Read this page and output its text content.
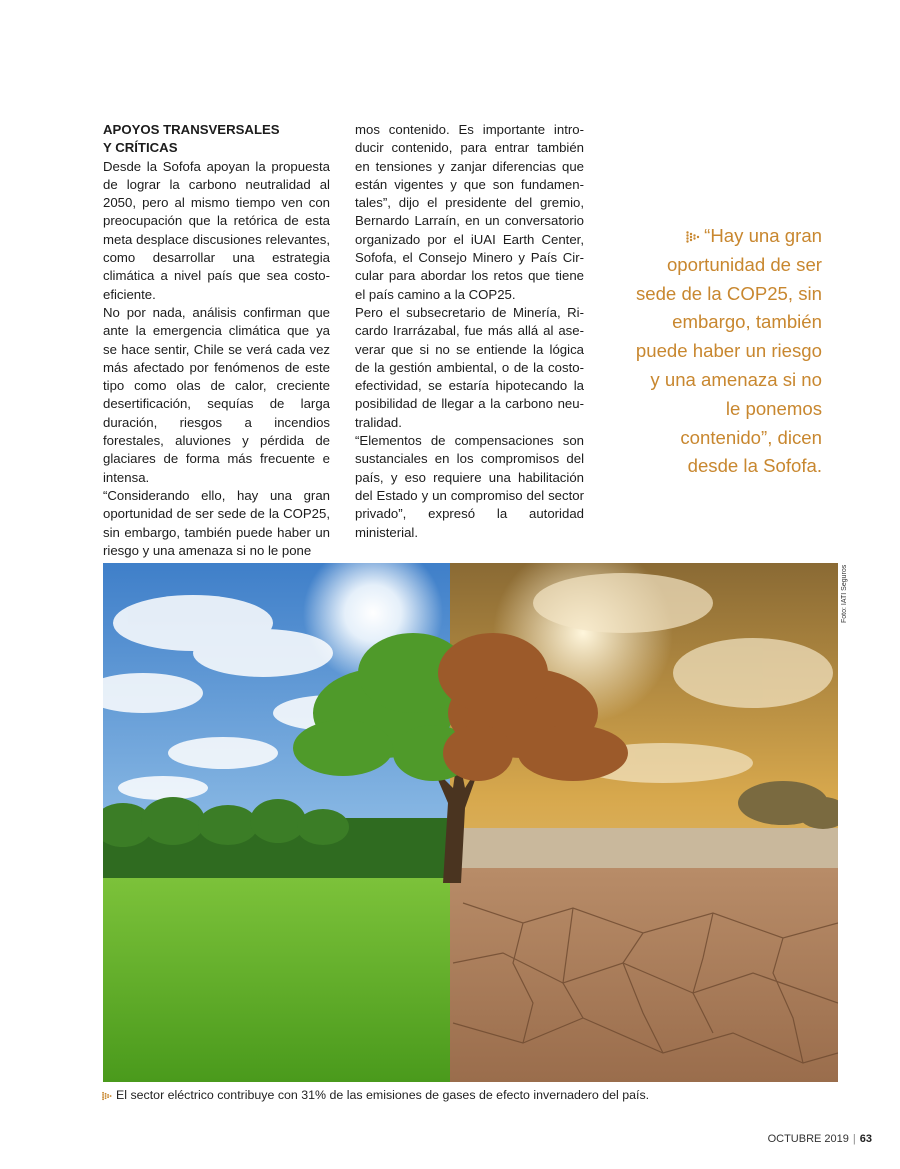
APOYOS TRANSVERSALES
Y CRÍTICAS

Desde la Sofofa apoyan la propuesta de lograr la carbono neutralidad al 2050, pero al mismo tiempo ven con preocupación que la retórica de esta meta desplace discusiones relevantes, como desarrollar una estrategia climática a nivel país que sea costoeficiente.

No por nada, análisis confirman que ante la emergencia climática que ya se hace sentir, Chile se verá cada vez más afectado por fenómenos de este tipo como olas de calor, creciente desertificación, sequías de larga duración, riesgos a incendios forestales, aluviones y pérdida de glaciares de forma más frecuente e intensa.

“Considerando ello, hay una gran oportunidad de ser sede de la COP25, sin embargo, también puede haber un riesgo y una amenaza si no le pone

mos contenido. Es importante introducir contenido, para entrar también en tensiones y zanjar diferencias que están vigentes y que son fundamentales”, dijo el presidente del gremio, Bernardo Larraín, en un conversatorio organizado por el iUAI Earth Center, Sofofa, el Consejo Minero y País Circular para abordar los retos que tiene el país camino a la COP25.

Pero el subsecretario de Minería, Ricardo Irarrázabal, fue más allá al aseverar que si no se entiende la lógica de la gestión ambiental, o de la costoefectividad, se estaría hipotecando la posibilidad de llegar a la carbono neutralidad.

“Elementos de compensaciones son sustanciales en los compromisos del país, y eso requiere una habilitación del Estado y un compromiso del sector privado”, expresó la autoridad ministerial.

“Hay una gran oportunidad de ser sede de la COP25, sin embargo, también puede haber un riesgo y una amenaza si no le ponemos contenido”, dicen desde la Sofofa.
Foto: IATI Seguros
El sector eléctrico contribuye con 31% de las emisiones de gases de efecto invernadero del país.
OCTUBRE 2019 | 63
